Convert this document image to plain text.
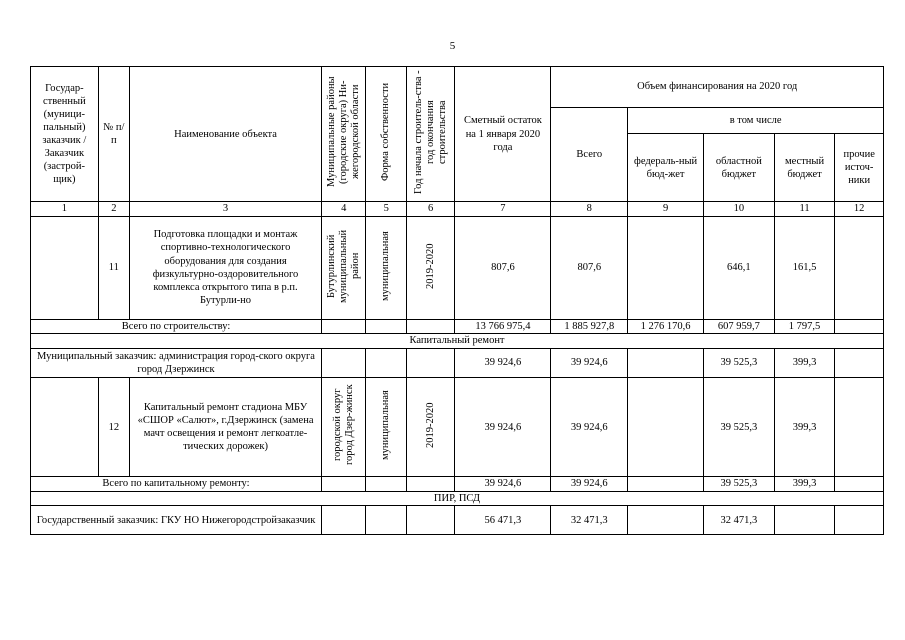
5
Государ-ственный (муници-пальный) заказчик / Заказчик (застрой-щик)	№ п/п	Наименование объекта	Муниципальные районы (городские округа) Ни-жегородской области	Форма собственности	Год начала строитель-ства - год окончания строительства	Сметный остаток на 1 января 2020 года	Объем финансирования на 2020 год				
							Всего	в том числе			
								федераль-ный бюд-жет	областной бюджет	местный бюджет	прочие источ-ники
1	2	3	4	5	6	7	8	9	10	11	12
	11	Подготовка площадки и монтаж спортивно-технологического оборудования для создания физкультурно-оздоровительного комплекса открытого типа в р.п. Бутурли-но	Бутурлинский муниципальный район	муниципальная	2019-2020	807,6	807,6		646,1	161,5	
Всего по строительству:						13 766 975,4	1 885 927,8	1 276 170,6	607 959,7	1 797,5	
Капитальный ремонт											
Муниципальный заказчик: администрация город-ского округа город Дзержинск						39 924,6	39 924,6		39 525,3	399,3	
	12	Капитальный ремонт стадиона МБУ «СШОР «Салют», г.Дзержинск (замена мачт освещения и ремонт легкоатле-тических дорожек)	городской округ город Дзер-жинск	муниципальная	2019-2020	39 924,6	39 924,6		39 525,3	399,3	
Всего по капитальному ремонту:						39 924,6	39 924,6		39 525,3	399,3	
ПИР, ПСД											
Государственный заказчик: ГКУ НО Нижегородстройзаказчик						56 471,3	32 471,3		32 471,3		
